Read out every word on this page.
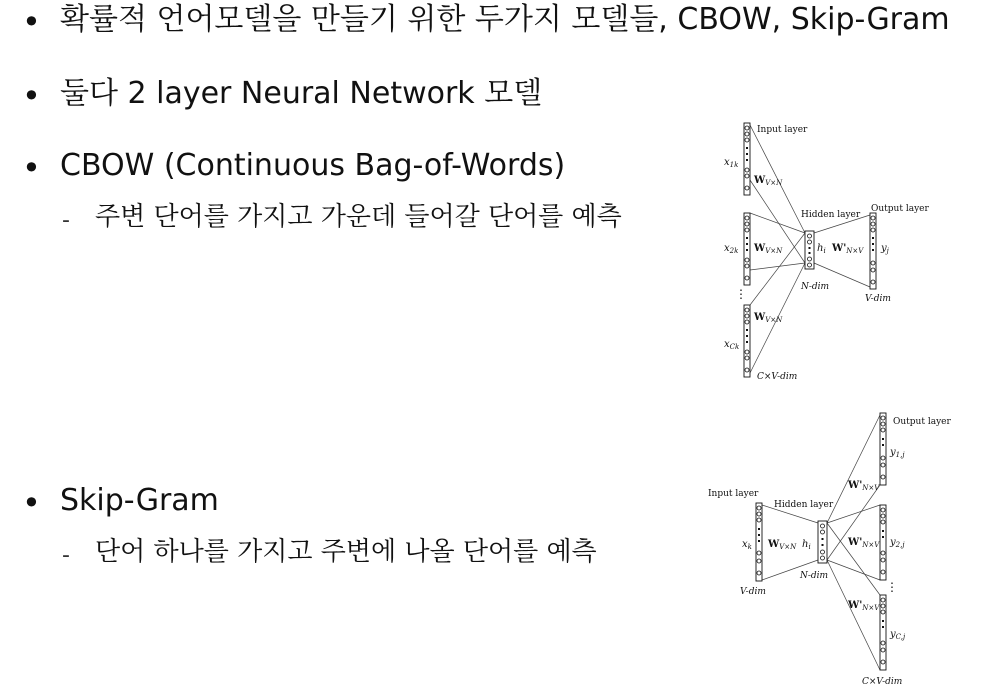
• 확률적 언어모델을 만들기 위한 두가지 모델들, CBOW, Skip-Gram
• 둘다 2 layer Neural Network 모델
• CBOW (Continuous Bag-of-Words)
- 주변 단어를 가지고 가운데 들어갈 단어를 예측
• Skip-Gram
- 단어 하나를 가지고 주변에 나올 단어를 예측
⋮
Input layer
Hidden layer
Output layer
$x_{1k}$
$x_{2k}$
$x_{Ck}$
$W_{V\times N}$
$W_{V\times N}$
$W_{V\times N}$
$h_i$ $W'_{N\times V}$ $y_j$
N-dim
V-dim
C×V-dim
⋮
Input layer
Hidden layer
Output layer
$x_k$ $W_{V\times N}$ $h_i$
N-dim
V-dim
$W'_{N\times V}$
$W'_{N\times V}$
$W'_{N\times V}$
$y_{1,j}$
$y_{2,j}$
$y_{C,j}$
C×V-dim
